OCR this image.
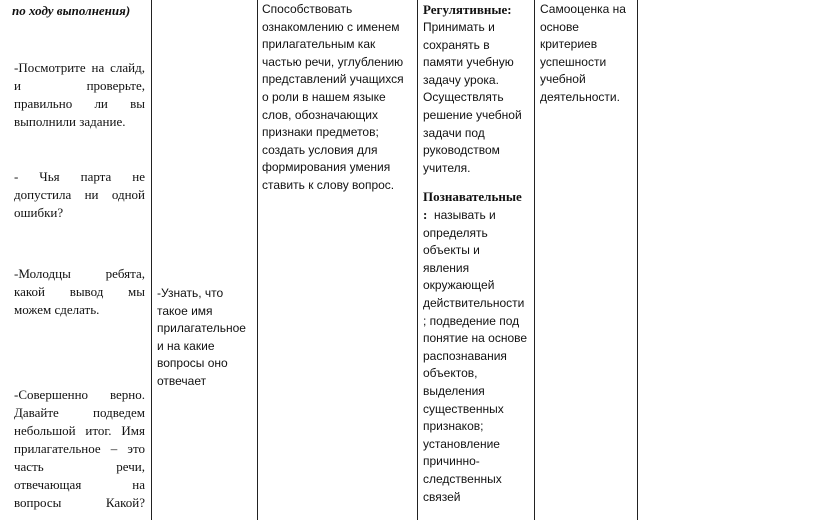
по ходу выполнения)

-Посмотрите на слайд,
и проверьте,
правильно ли вы
выполнили задание.
- Чья парта не
допустила ни одной
ошибки?
-Молодцы ребята,
какой вывод мы
можем сделать.
-Совершенно верно.
Давайте подведем
небольшой итог. Имя
прилагательное – это
часть речи,
отвечающая на
вопросы Какой?
-Узнать, что
такое имя
прилагательное
и на какие
вопросы оно
отвечает
Способствовать
ознакомлению с именем
прилагательным как
частью речи, углублению
представлений учащихся
о роли в нашем языке
слов, обозначающих
признаки предметов;
создать условия для
формирования умения
ставить к слову вопрос.
Регулятивные:
Принимать и
сохранять в
памяти учебную
задачу урока.
Осуществлять
решение учебной
задачи под
руководством
учителя.
Познавательные
: называть и
определять
объекты и
явления
окружающей
действительности
; подведение под
понятие на основе
распознавания
объектов,
выделения
существенных
признаков;
установление
причинно-
следственных
связей
Самооценка на
основе
критериев
успешности
учебной
деятельности.
